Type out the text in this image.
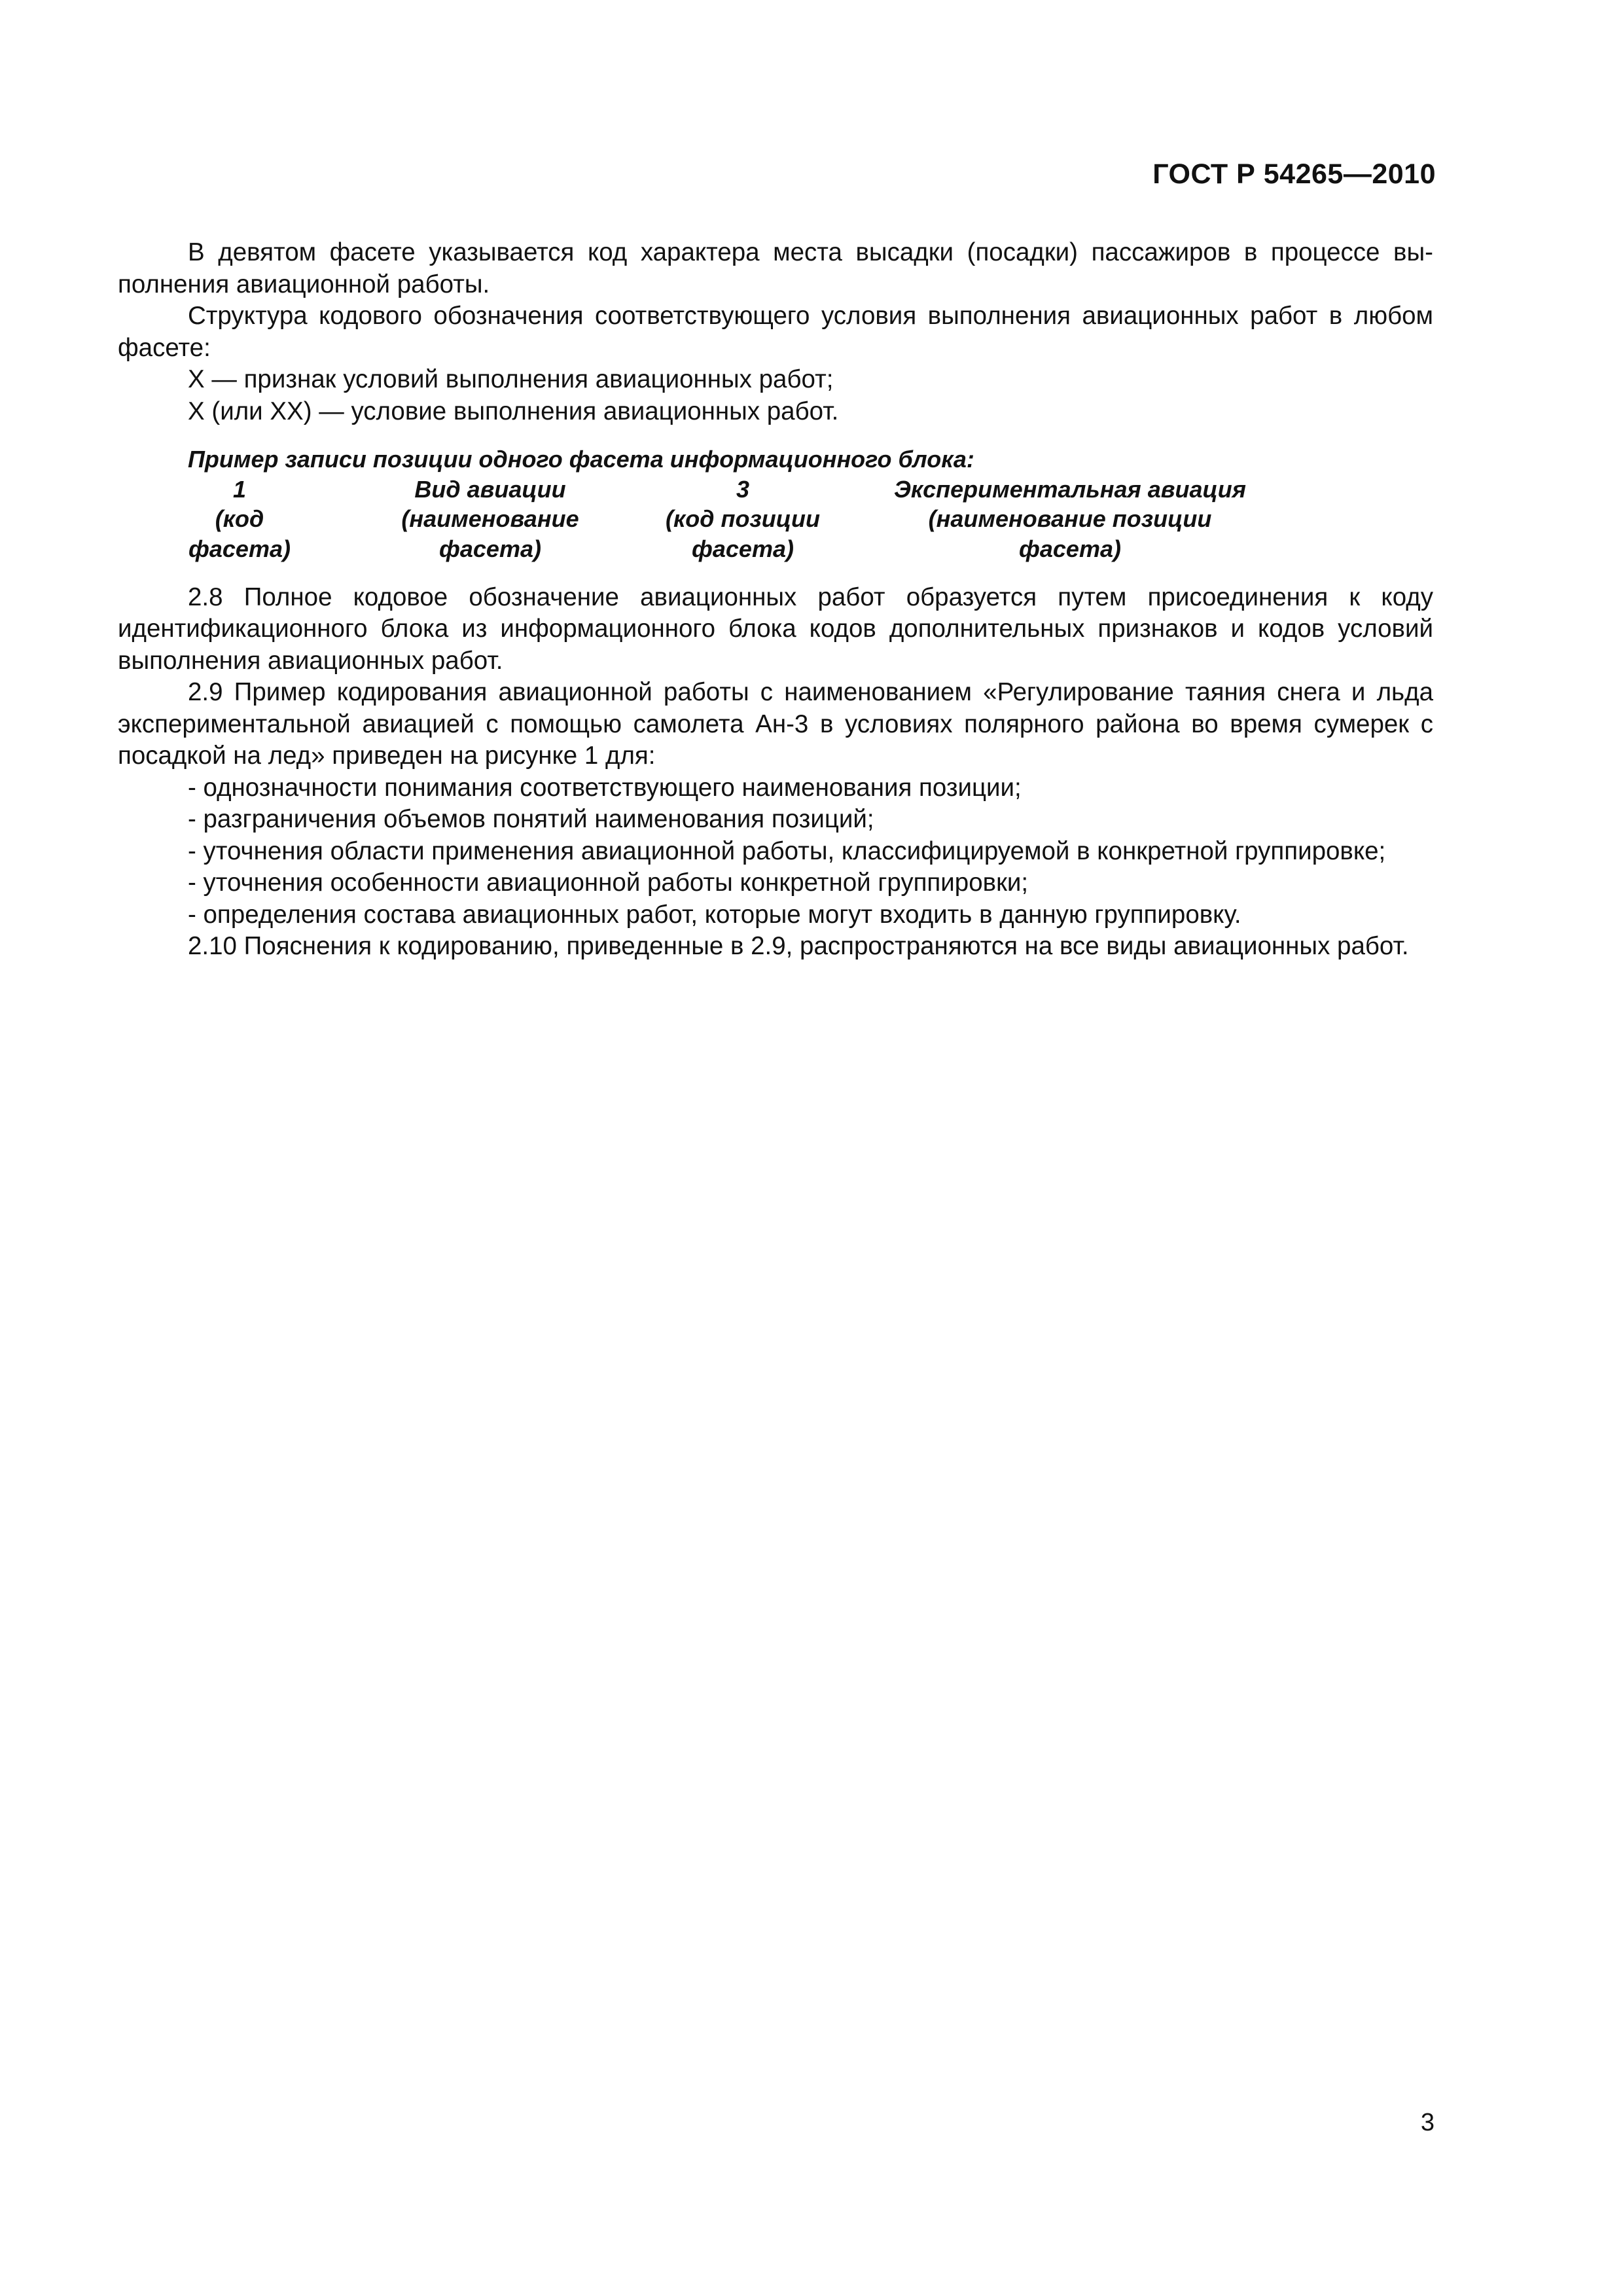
ГОСТ Р 54265—2010

В девятом фасете указывается код характера места высадки (посадки) пассажиров в процессе выполнения авиационной работы.

Структура кодового обозначения соответствующего условия выполнения авиационных работ в любом фасете:

Х — признак условий выполнения авиационных работ;

Х (или ХХ) — условие выполнения авиационных работ.

Пример записи позиции одного фасета информационного блока:
1
(код
фасета)
Вид авиации
(наименование
фасета)
3
(код позиции
фасета)
Экспериментальная авиация
(наименование позиции
фасета)

2.8 Полное кодовое обозначение авиационных работ образуется путем присоединения к коду идентификационного блока из информационного блока кодов дополнительных признаков и кодов условий выполнения авиационных работ.

2.9 Пример кодирования авиационной работы с наименованием «Регулирование таяния снега и льда экспериментальной авиацией с помощью самолета Ан-3 в условиях полярного района во время сумерек с посадкой на лед» приведен на рисунке 1 для:

- однозначности понимания соответствующего наименования позиции;

- разграничения объемов понятий наименования позиций;

- уточнения области применения авиационной работы, классифицируемой в конкретной группировке;

- уточнения особенности авиационной работы конкретной группировки;

- определения состава авиационных работ, которые могут входить в данную группировку.

2.10 Пояснения к кодированию, приведенные в 2.9, распространяются на все виды авиационных работ.

3
